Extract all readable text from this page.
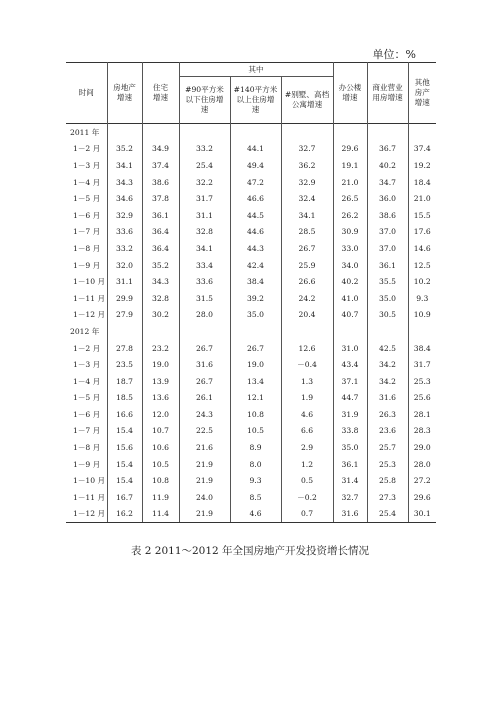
单位：%
时间	房地产增速	住宅增速	其中			办公楼增速	商业营业用房增速	其他房产增速

			#90平方米以下住房增速	#140平方米以上住房增速	#别墅、高档公寓增速			

2011 年								
1－2 月	35.2	34.9	33.2	44.1	32.7	29.6	36.7	37.4
1－3 月	34.1	37.4	25.4	49.4	36.2	19.1	40.2	19.2
1－4 月	34.3	38.6	32.2	47.2	32.9	21.0	34.7	18.4
1－5 月	34.6	37.8	31.7	46.6	32.4	26.5	36.0	21.0
1－6 月	32.9	36.1	31.1	44.5	34.1	26.2	38.6	15.5
1－7 月	33.6	36.4	32.8	44.6	28.5	30.9	37.0	17.6
1－8 月	33.2	36.4	34.1	44.3	26.7	33.0	37.0	14.6
1－9 月	32.0	35.2	33.4	42.4	25.9	34.0	36.1	12.5
1－10 月	31.1	34.3	33.6	38.4	26.6	40.2	35.5	10.2
1－11 月	29.9	32.8	31.5	39.2	24.2	41.0	35.0	9.3
1－12 月	27.9	30.2	28.0	35.0	20.4	40.7	30.5	10.9
2012 年								
1－2 月	27.8	23.2	26.7	26.7	12.6	31.0	42.5	38.4
1－3 月	23.5	19.0	31.6	19.0	－0.4	43.4	34.2	31.7
1－4 月	18.7	13.9	26.7	13.4	1.3	37.1	34.2	25.3
1－5 月	18.5	13.6	26.1	12.1	1.9	44.7	31.6	25.6
1－6 月	16.6	12.0	24.3	10.8	4.6	31.9	26.3	28.1
1－7 月	15.4	10.7	22.5	10.5	6.6	33.8	23.6	28.3
1－8 月	15.6	10.6	21.6	8.9	2.9	35.0	25.7	29.0
1－9 月	15.4	10.5	21.9	8.0	1.2	36.1	25.3	28.0
1－10 月	15.4	10.8	21.9	9.3	0.5	31.4	25.8	27.2
1－11 月	16.7	11.9	24.0	8.5	－0.2	32.7	27.3	29.6
1－12 月	16.2	11.4	21.9	4.6	0.7	31.6	25.4	30.1
表 2 2011～2012 年全国房地产开发投资增长情况
